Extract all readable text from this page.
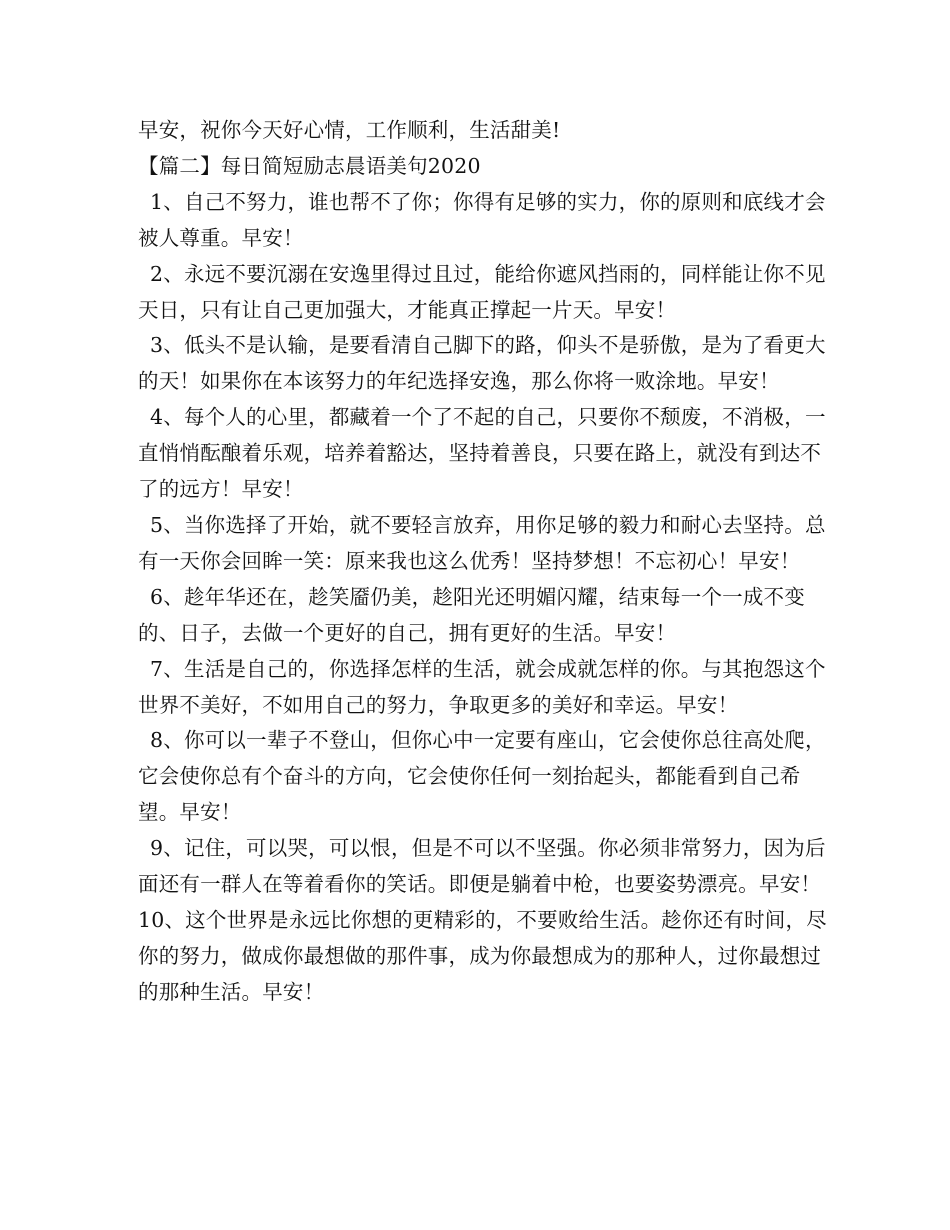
早安，祝你今天好心情，工作顺利，生活甜美!

【篇二】每日简短励志晨语美句2020

1、自己不努力，谁也帮不了你；你得有足够的实力，你的原则和底线才会被人尊重。早安！

2、永远不要沉溺在安逸里得过且过，能给你遮风挡雨的，同样能让你不见天日，只有让自己更加强大，才能真正撑起一片天。早安！

3、低头不是认输，是要看清自己脚下的路，仰头不是骄傲，是为了看更大的天！如果你在本该努力的年纪选择安逸，那么你将一败涂地。早安！

4、每个人的心里，都藏着一个了不起的自己，只要你不颓废，不消极，一直悄悄酝酿着乐观，培养着豁达，坚持着善良，只要在路上，就没有到达不了的远方！早安！

5、当你选择了开始，就不要轻言放弃，用你足够的毅力和耐心去坚持。总有一天你会回眸一笑：原来我也这么优秀！坚持梦想！不忘初心！早安！

6、趁年华还在，趁笑靥仍美，趁阳光还明媚闪耀，结束每一个一成不变的、日子，去做一个更好的自己，拥有更好的生活。早安！

7、生活是自己的，你选择怎样的生活，就会成就怎样的你。与其抱怨这个世界不美好，不如用自己的努力，争取更多的美好和幸运。早安！

8、你可以一辈子不登山，但你心中一定要有座山，它会使你总往高处爬，它会使你总有个奋斗的方向，它会使你任何一刻抬起头，都能看到自己希望。早安！

9、记住，可以哭，可以恨，但是不可以不坚强。你必须非常努力，因为后面还有一群人在等着看你的笑话。即便是躺着中枪，也要姿势漂亮。早安！

10、这个世界是永远比你想的更精彩的，不要败给生活。趁你还有时间，尽你的努力，做成你最想做的那件事，成为你最想成为的那种人，过你最想过的那种生活。早安！
